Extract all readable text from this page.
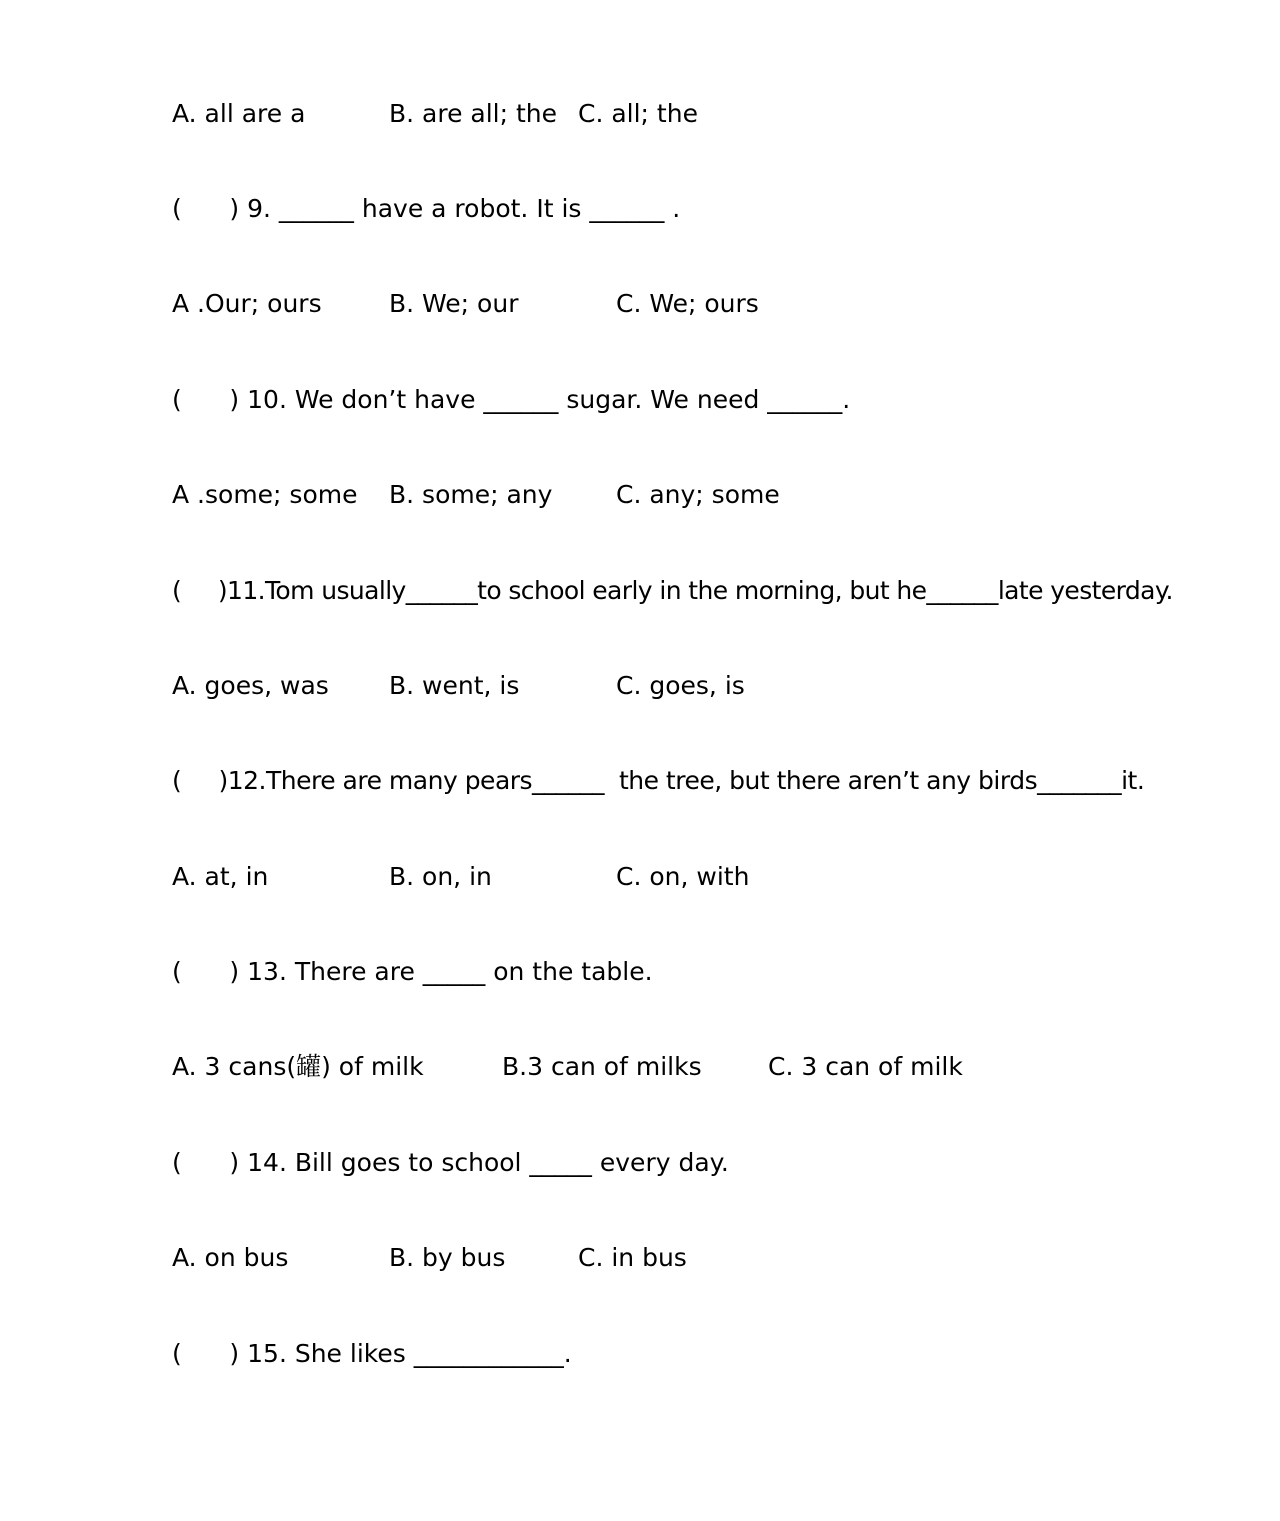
A. all are a

	B. are all; the

C. all; the

(      ) 9. ______ have a robot. It is ______ .

A .Our; ours

	B. We; our

	C. We; ours

(      ) 10. We don’t have ______ sugar. We need ______.

A .some; some

B. some; any

	C. any; some

(     )11.Tom usually______to school early in the morning, but he______late yesterday.

A. goes, was

B. went, is

	C. goes, is

(     )12.There are many pears______  the tree, but there aren’t any birds_______it.

A. at, in

	B. on, in

	C. on, with

(      ) 13. There are _____ on the table.

A. 3 cans(罐) of milk

	B.3 can of milks

	C. 3 can of milk

(      ) 14. Bill goes to school _____ every day.

A. on bus

	B. by bus

	C. in bus

(      ) 15. She likes ____________.
